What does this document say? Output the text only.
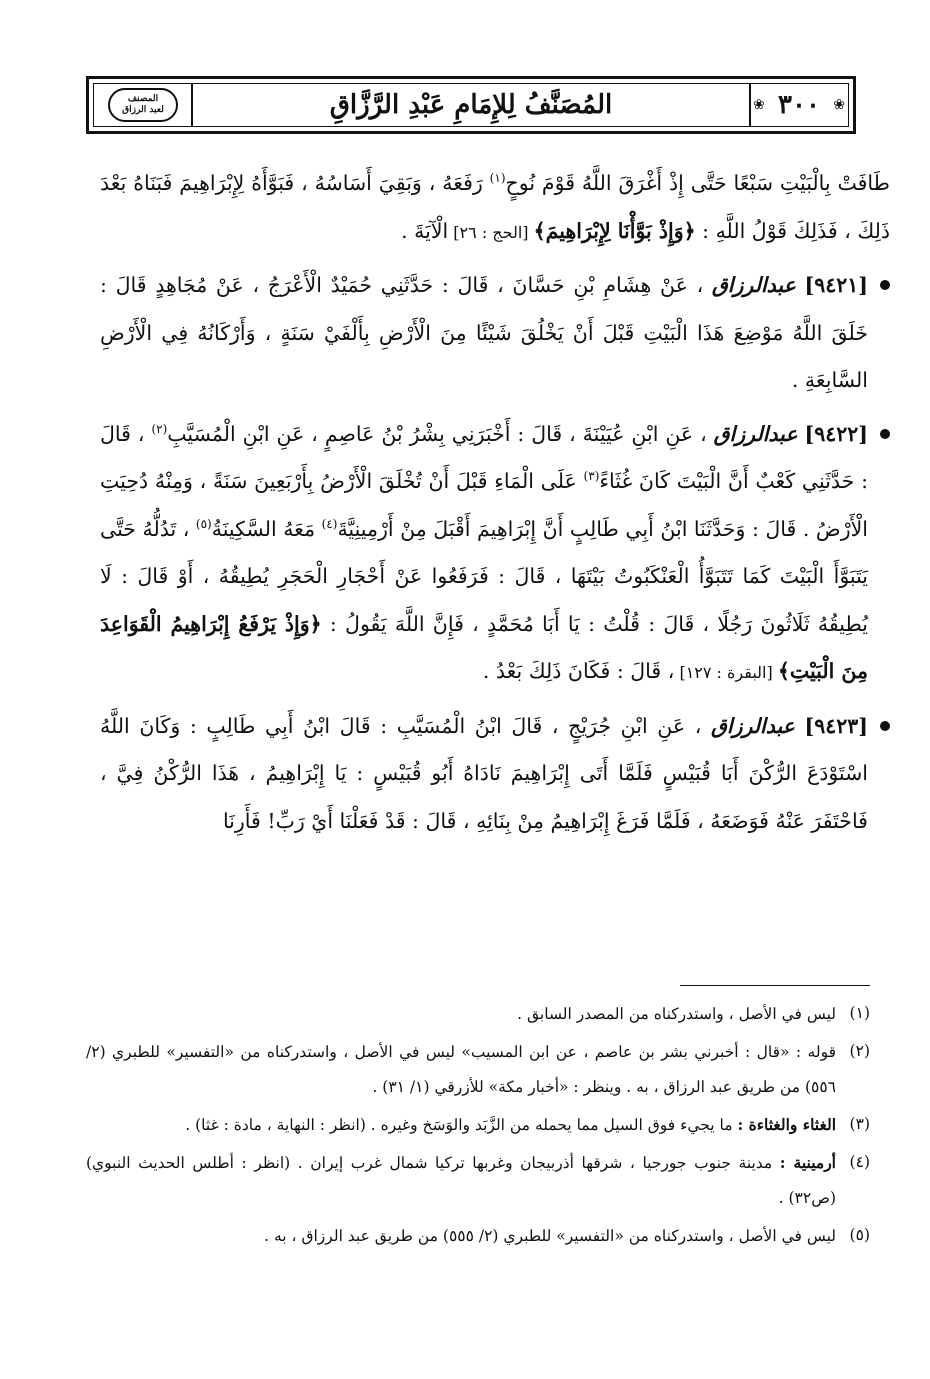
❀
٣٠٠
❀
المُصَنَّفُ لِلإِمَامِ عَبْدِ الرَّزَّاقِ
المصنف
لعبد الرزاق

طَافَتْ بِالْبَيْتِ سَبْعًا حَتَّى إِذْ أَغْرَقَ اللَّهُ قَوْمَ نُوحٍ$^{(١)}$ رَفَعَهُ ، وَبَقِيَ أَسَاسُهُ ، فَبَوَّأَهُ لِإِبْرَاهِيمَ فَبَنَاهُ بَعْدَ ذَلِكَ ، فَذَلِكَ قَوْلُ اللَّهِ : ﴿وَإِذْ بَوَّأْنَا لِإِبْرَاهِيمَ﴾ [الحج : ٢٦] الْآيَةَ .

[٩٤٢١] عبدالرزاق ، عَنْ هِشَامِ بْنِ حَسَّانَ ، قَالَ : حَدَّثَنِي حُمَيْدٌ الْأَعْرَجُ ، عَنْ مُجَاهِدٍ قَالَ : خَلَقَ اللَّهُ مَوْضِعَ هَذَا الْبَيْتِ قَبْلَ أَنْ يَخْلُقَ شَيْئًا مِنَ الْأَرْضِ بِأَلْفَيْ سَنَةٍ ، وَأَرْكَانُهُ فِي الْأَرْضِ السَّابِعَةِ .

[٩٤٢٢] عبدالرزاق ، عَنِ ابْنِ عُيَيْنَةَ ، قَالَ : أَخْبَرَنِي بِشْرُ بْنُ عَاصِمٍ ، عَنِ ابْنِ الْمُسَيَّبِ$^{(٢)}$ ، قَالَ : حَدَّثَنِي كَعْبٌ أَنَّ الْبَيْتَ كَانَ غُثَاءً$^{(٣)}$ عَلَى الْمَاءِ قَبْلَ أَنْ تُخْلَقَ الْأَرْضُ بِأَرْبَعِينَ سَنَةً ، وَمِنْهُ دُحِيَتِ الْأَرْضُ . قَالَ : وَحَدَّثَنَا ابْنُ أَبِي طَالِبٍ أَنَّ إِبْرَاهِيمَ أَقْبَلَ مِنْ أَرْمِينِيَّةَ$^{(٤)}$ مَعَهُ السَّكِينَةُ$^{(٥)}$ ، تَدُلُّهُ حَتَّى يَتَبَوَّأَ الْبَيْتَ كَمَا تَتَبَوَّأُ الْعَنْكَبُوتُ بَيْتَهَا ، قَالَ : فَرَفَعُوا عَنْ أَحْجَارِ الْحَجَرِ يُطِيقُهُ ، أَوْ قَالَ : لَا يُطِيقُهُ ثَلَاثُونَ رَجُلًا ، قَالَ : قُلْتُ : يَا أَبَا مُحَمَّدٍ ، فَإِنَّ اللَّهَ يَقُولُ : ﴿وَإِذْ يَرْفَعُ إِبْرَاهِيمُ الْقَوَاعِدَ مِنَ الْبَيْتِ﴾ [البقرة : ١٢٧] ، قَالَ : فَكَانَ ذَلِكَ بَعْدُ .

[٩٤٢٣] عبدالرزاق ، عَنِ ابْنِ جُرَيْجٍ ، قَالَ ابْنُ الْمُسَيَّبِ : قَالَ ابْنُ أَبِي طَالِبٍ : وَكَانَ اللَّهُ اسْتَوْدَعَ الرُّكْنَ أَبَا قُبَيْسٍ فَلَمَّا أَتَى إِبْرَاهِيمَ نَادَاهُ أَبُو قُبَيْسٍ : يَا إِبْرَاهِيمُ ، هَذَا الرُّكْنُ فِيَّ ، فَاحْتَفَرَ عَنْهُ فَوَضَعَهُ ، فَلَمَّا فَرَغَ إِبْرَاهِيمُ مِنْ بِنَائِهِ ، قَالَ : قَدْ فَعَلْنَا أَيْ رَبِّ! فَأَرِنَا

(١)
ليس في الأصل ، واستدركناه من المصدر السابق .

(٢)
قوله : «قال : أخبرني بشر بن عاصم ، عن ابن المسيب» ليس في الأصل ، واستدركناه من «التفسير» للطبري (٢/ ٥٥٦) من طريق عبد الرزاق ، به . وينظر : «أخبار مكة» للأزرقي (١/ ٣١) .

(٣)
الغثاء والغثاءة : ما يجيء فوق السيل مما يحمله من الزَّبَد والوَسَخ وغيره . (انظر : النهاية ، مادة : غثا) .

(٤)
أرمينية : مدينة جنوب جورجيا ، شرقها أذربيجان وغربها تركيا شمال غرب إيران . (انظر : أطلس الحديث النبوي) (ص٣٢) .

(٥)
ليس في الأصل ، واستدركناه من «التفسير» للطبري (٢/ ٥٥٥) من طريق عبد الرزاق ، به .
